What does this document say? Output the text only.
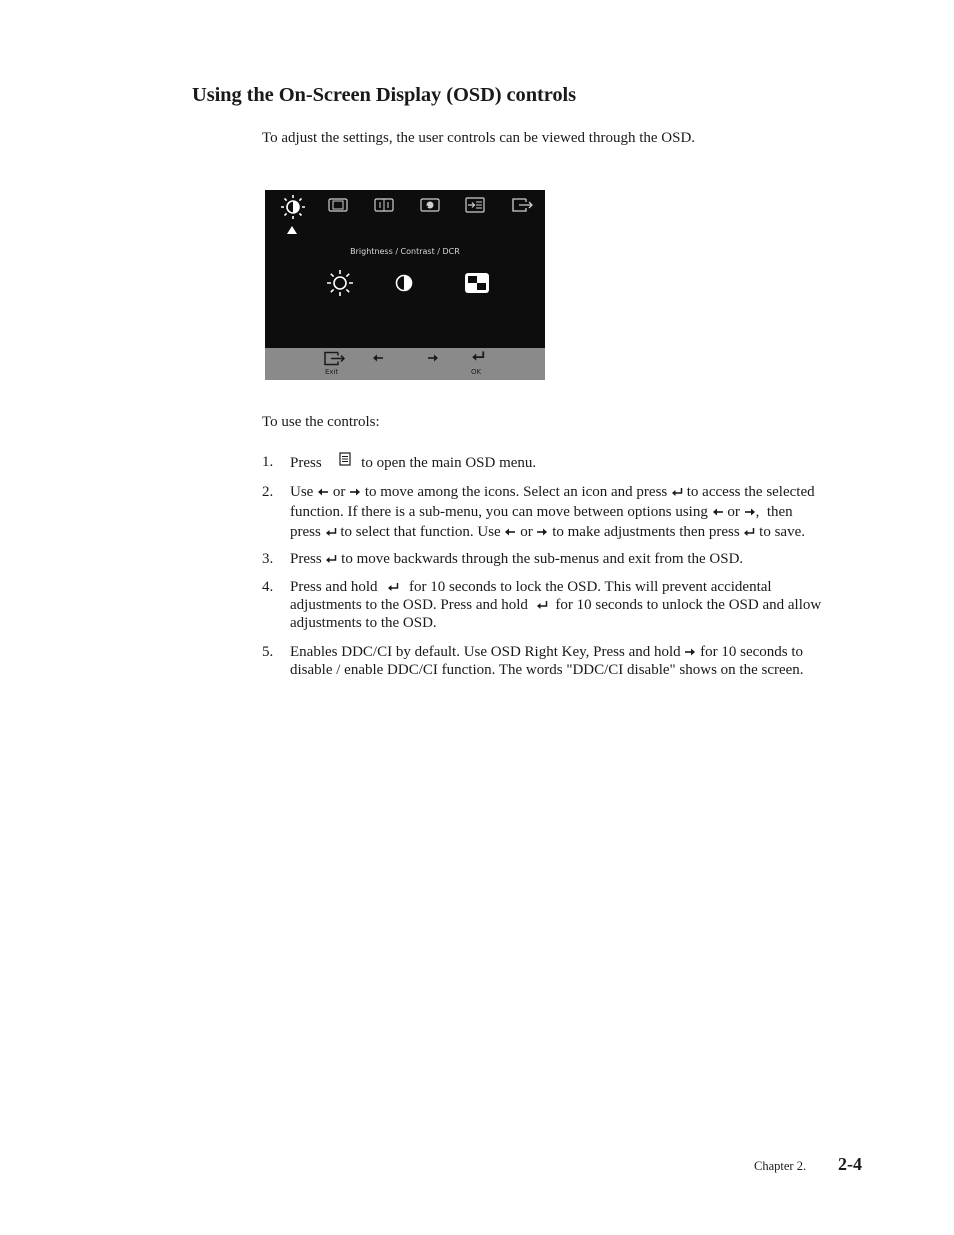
Using the On-Screen Display (OSD) controls

To adjust the settings, the user controls can be viewed through the OSD.

Brightness / Contrast / DCR
Exit	OK

To use the controls:

1. Press	to open the main OSD menu.
2. Use or to move among the icons. Select an icon and press to access the selected
function. If there is a sub-menu, you can move between options using or , then
press to select that function. Use or to make adjustments then press to save.
3. Press to move backwards through the sub-menus and exit from the OSD.
4. Press and hold for 10 seconds to lock the OSD. This will prevent accidental
adjustments to the OSD. Press and hold for 10 seconds to unlock the OSD and allow
adjustments to the OSD.
5. Enables DDC/CI by default. Use OSD Right Key, Press and hold for 10 seconds to
disable / enable DDC/CI function. The words "DDC/CI disable" shows on the screen.
Chapter 2. 2-4
